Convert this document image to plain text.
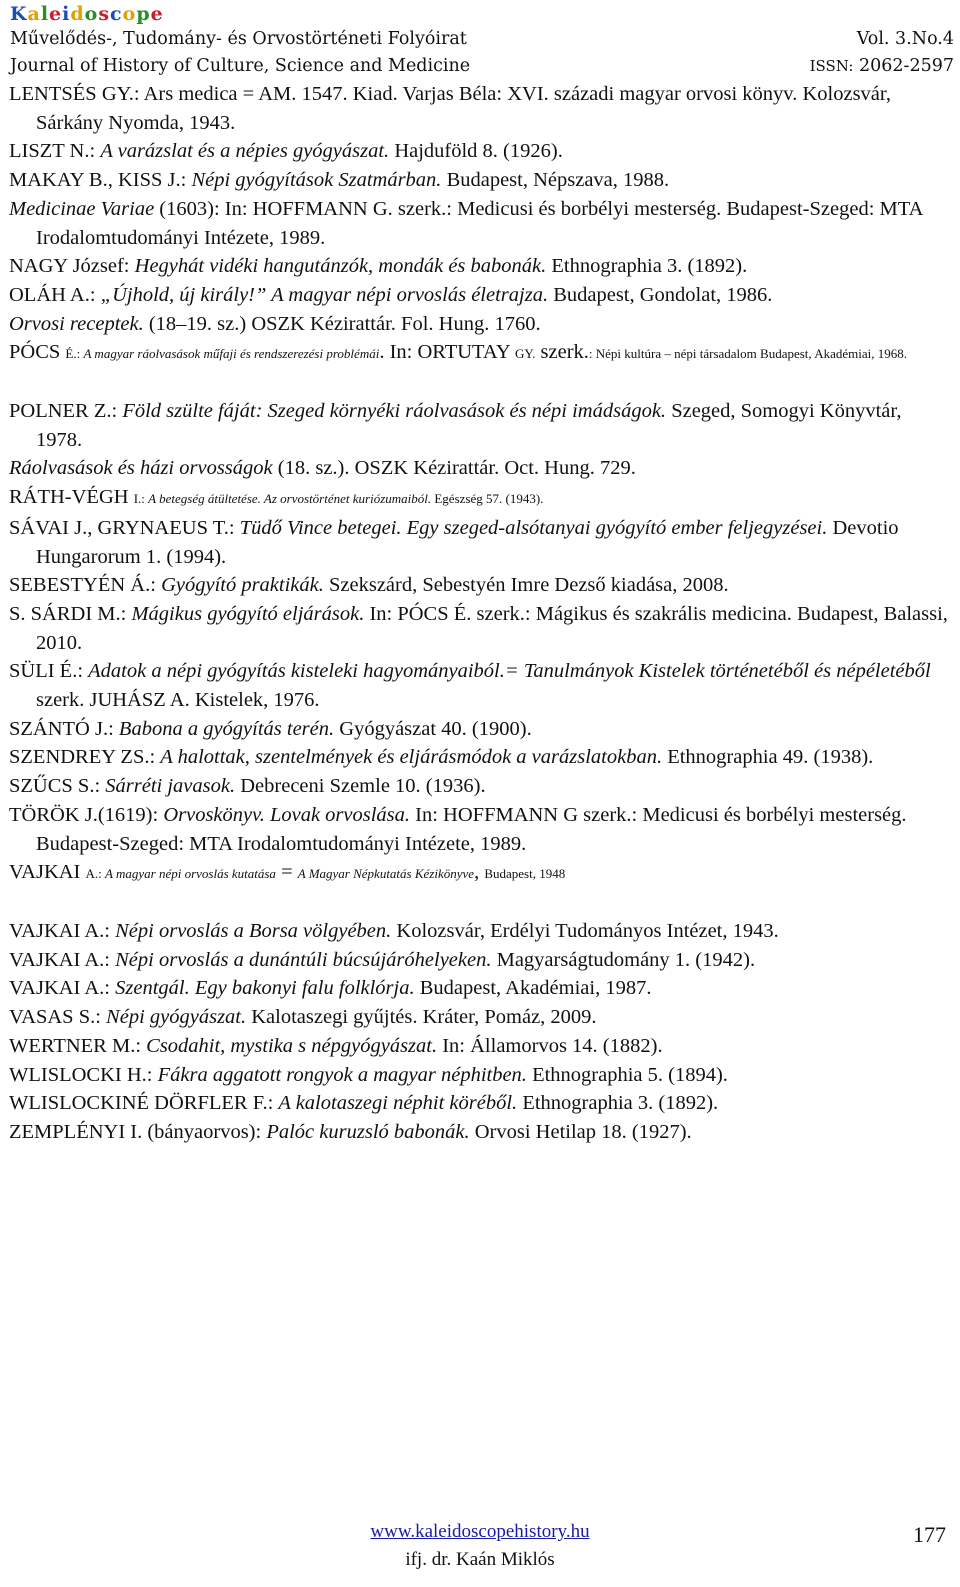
Kaleidoscope
Művelődés-, Tudomány- és Orvostörténeti Folyóirat	Vol. 3.No.4
Journal of History of Culture, Science and Medicine	ISSN: 2062-2597

LENTSÉS GY.: Ars medica = AM. 1547. Kiad. Varjas Béla: XVI. századi magyar orvosi könyv. Kolozsvár, Sárkány Nyomda, 1943.

LISZT N.: A varázslat és a népies gyógyászat. Hajduföld 8. (1926).

MAKAY B., KISS J.: Népi gyógyítások Szatmárban. Budapest, Népszava, 1988.

Medicinae Variae (1603): In: HOFFMANN G. szerk.: Medicusi és borbélyi mesterség. Budapest-Szeged: MTA Irodalomtudományi Intézete, 1989.

NAGY József: Hegyhát vidéki hangutánzók, mondák és babonák. Ethnographia 3. (1892).

OLÁH A.: „Újhold, új király!” A magyar népi orvoslás életrajza. Budapest, Gondolat, 1986.

Orvosi receptek. (18–19. sz.) OSZK Kézirattár. Fol. Hung. 1760.

PÓCS É.: A magyar ráolvasások műfaji és rendszerezési problémái. In: ORTUTAY GY. szerk.: Népi kultúra – népi társadalom Budapest, Akadémiai, 1968.

POLNER Z.: Föld szülte fáját: Szeged környéki ráolvasások és népi imádságok. Szeged, Somogyi Könyvtár, 1978.

Ráolvasások és házi orvosságok (18. sz.). OSZK Kézirattár. Oct. Hung. 729.

RÁTH-VÉGH I.: A betegség átültetése. Az orvostörténet kuriózumaiból. Egészség 57. (1943).

SÁVAI J., GRYNAEUS T.: Tüdő Vince betegei. Egy szeged-alsótanyai gyógyító ember feljegyzései. Devotio Hungarorum 1. (1994).

SEBESTYÉN Á.: Gyógyító praktikák. Szekszárd, Sebestyén Imre Dezső kiadása, 2008.

S. SÁRDI M.: Mágikus gyógyító eljárások. In: PÓCS É. szerk.: Mágikus és szakrális medicina. Budapest, Balassi, 2010.

SÜLI É.: Adatok a népi gyógyítás kisteleki hagyományaiból.= Tanulmányok Kistelek történetéből és népéletéből szerk. JUHÁSZ A. Kistelek, 1976.

SZÁNTÓ J.: Babona a gyógyítás terén. Gyógyászat 40. (1900).

SZENDREY ZS.: A halottak, szentelmények és eljárásmódok a varázslatokban. Ethnographia 49. (1938).

SZŰCS S.: Sárréti javasok. Debreceni Szemle 10. (1936).

TÖRÖK J.(1619): Orvoskönyv. Lovak orvoslása. In: HOFFMANN G szerk.: Medicusi és borbélyi mesterség. Budapest-Szeged: MTA Irodalomtudományi Intézete, 1989.

VAJKAI A.: A magyar népi orvoslás kutatása = A Magyar Népkutatás Kézikönyve, Budapest, 1948

VAJKAI A.: Népi orvoslás a Borsa völgyében. Kolozsvár, Erdélyi Tudományos Intézet, 1943.

VAJKAI A.: Népi orvoslás a dunántúli búcsújáróhelyeken. Magyarságtudomány 1. (1942).

VAJKAI A.: Szentgál. Egy bakonyi falu folklórja. Budapest, Akadémiai, 1987.

VASAS S.: Népi gyógyászat. Kalotaszegi gyűjtés. Kráter, Pomáz, 2009.

WERTNER M.: Csodahit, mystika s népgyógyászat. In: Államorvos 14. (1882).

WLISLOCKI H.: Fákra aggatott rongyok a magyar néphitben. Ethnographia 5. (1894).

WLISLOCKINÉ DÖRFLER F.: A kalotaszegi néphit köréből. Ethnographia 3. (1892).

ZEMPLÉNYI I. (bányaorvos): Palóc kuruzsló babonák. Orvosi Hetilap 18. (1927).

www.kaleidoscopehistory.hu
ifj. dr. Kaán Miklós
177
